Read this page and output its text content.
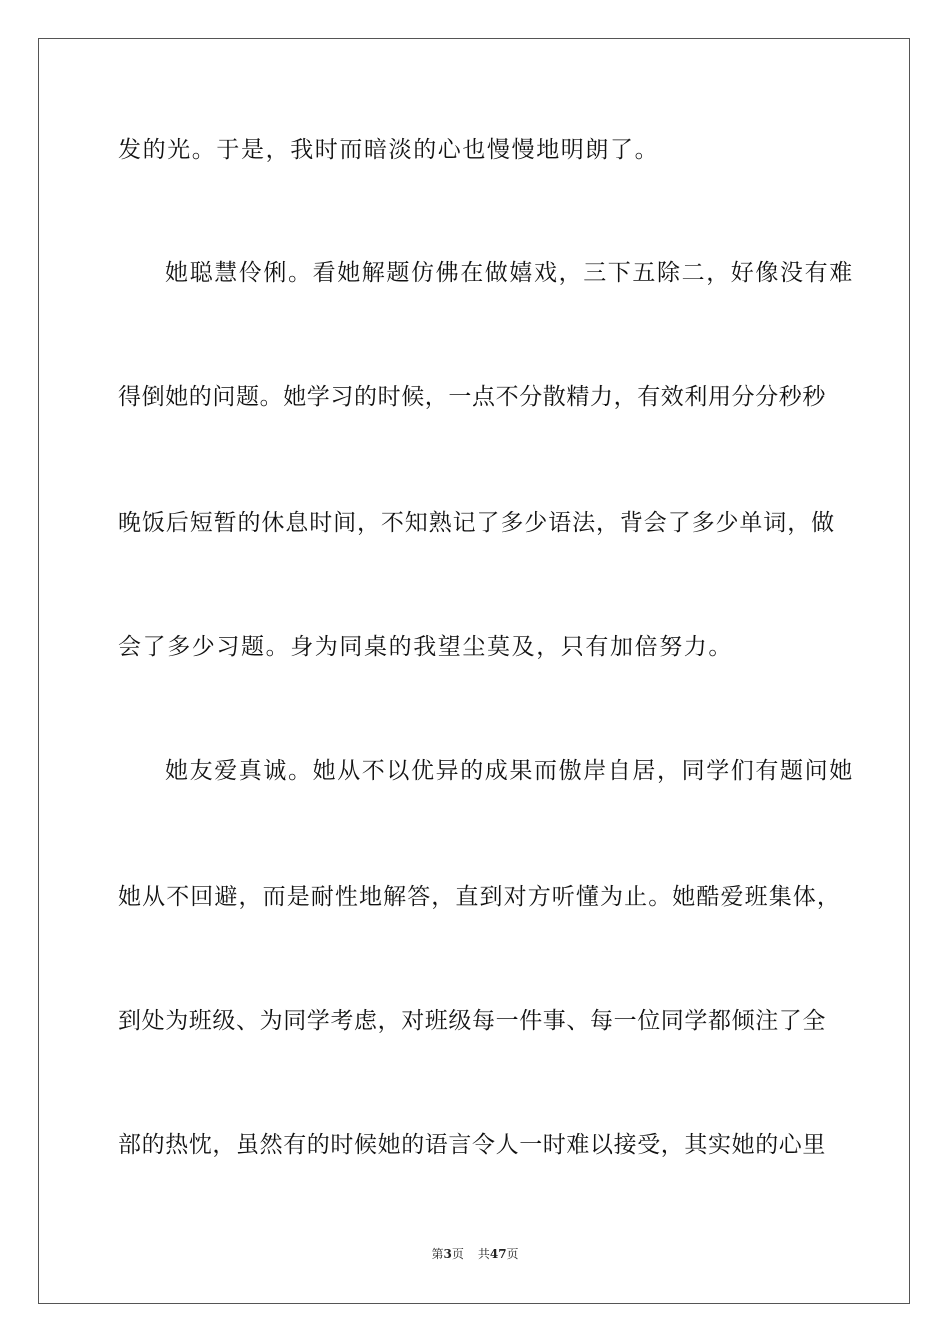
发的光。于是，我时而暗淡的心也慢慢地明朗了。
她聪慧伶俐。看她解题仿佛在做嬉戏，三下五除二，好像没有难
得倒她的问题。她学习的时候，一点不分散精力，有效利用分分秒秒
晚饭后短暂的休息时间，不知熟记了多少语法，背会了多少单词，做
会了多少习题。身为同桌的我望尘莫及，只有加倍努力。
她友爱真诚。她从不以优异的成果而傲岸自居，同学们有题问她
她从不回避，而是耐性地解答，直到对方听懂为止。她酷爱班集体，
到处为班级、为同学考虑，对班级每一件事、每一位同学都倾注了全
部的热忱，虽然有的时候她的语言令人一时难以接受，其实她的心里
第3页 共47页
